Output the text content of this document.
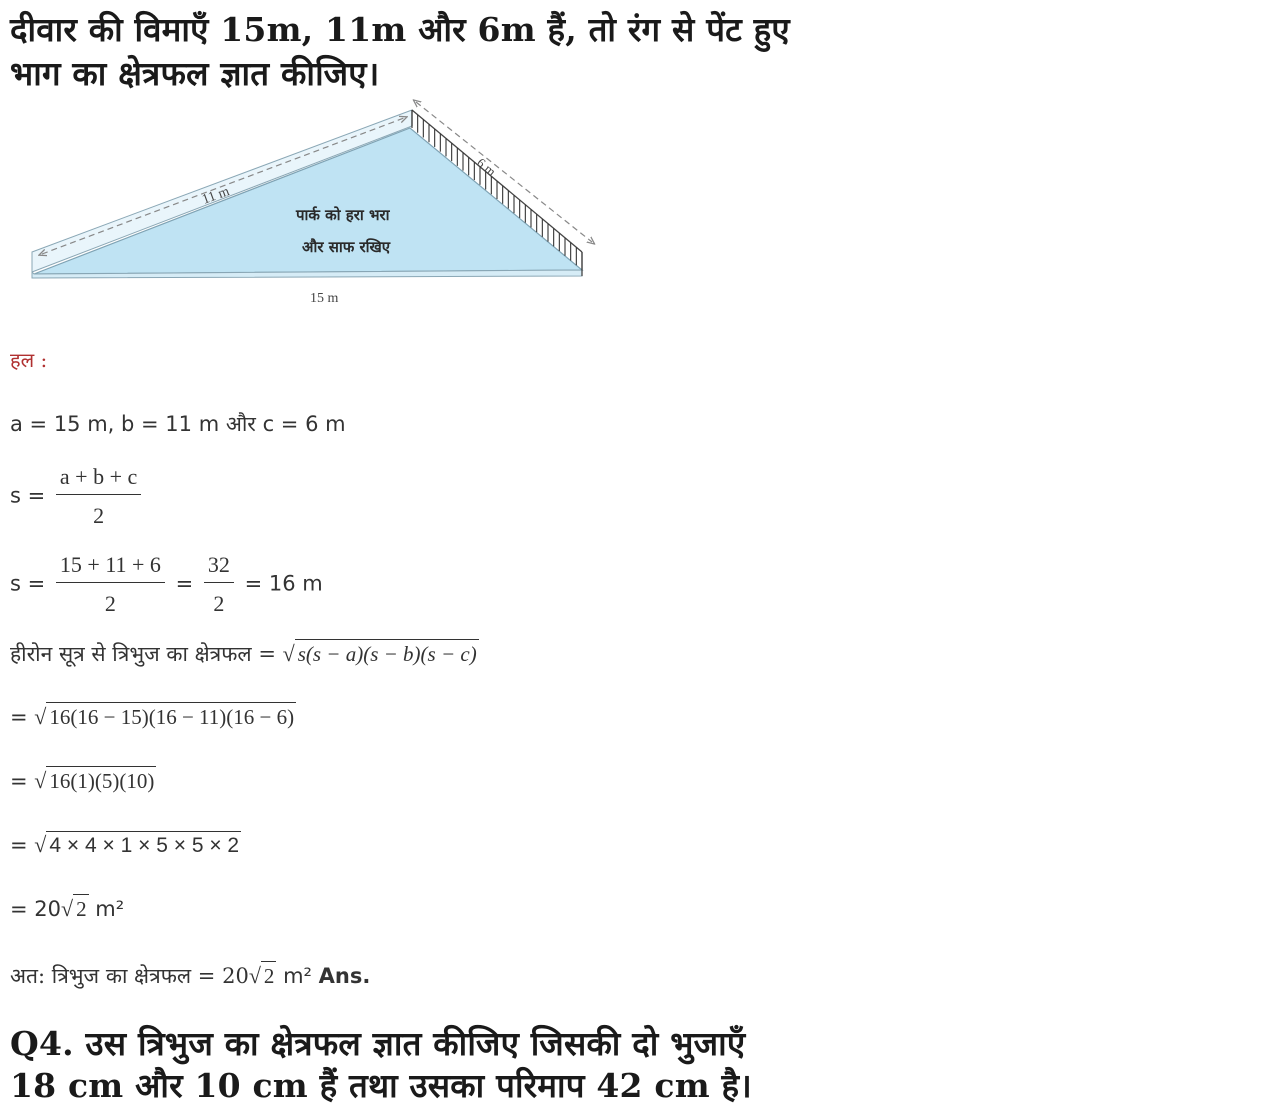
दीवार की विमाएँ 15m, 11m और 6m हैं, तो रंग से पेंट हुए
भाग का क्षेत्रफल ज्ञात कीजिए।
11 m
6 m
15 m
पार्क को हरा भरा
और साफ रखिए
हल :
a = 15 m, b = 11 m और c = 6 m
$s = \frac{a + b + c}{2}$
$s = \frac{15 + 11 + 6}{2} = \frac{32}{2} = 16$ m
हीरोन सूत्र से त्रिभुज का क्षेत्रफल = √ s(s − a)(s − b)(s − c)
= √ 16(16 − 15)(16 − 11)(16 − 6)
= √ 16(1)(5)(10)
= √ 4 × 4 × 1 × 5 × 5 × 2
= 20√ 2 m²
अत: त्रिभुज का क्षेत्रफल = 20√ 2 m² Ans.
Q4. उस त्रिभुज का क्षेत्रफल ज्ञात कीजिए जिसकी दो भुजाएँ
18 cm और 10 cm हैं तथा उसका परिमाप 42 cm है।
